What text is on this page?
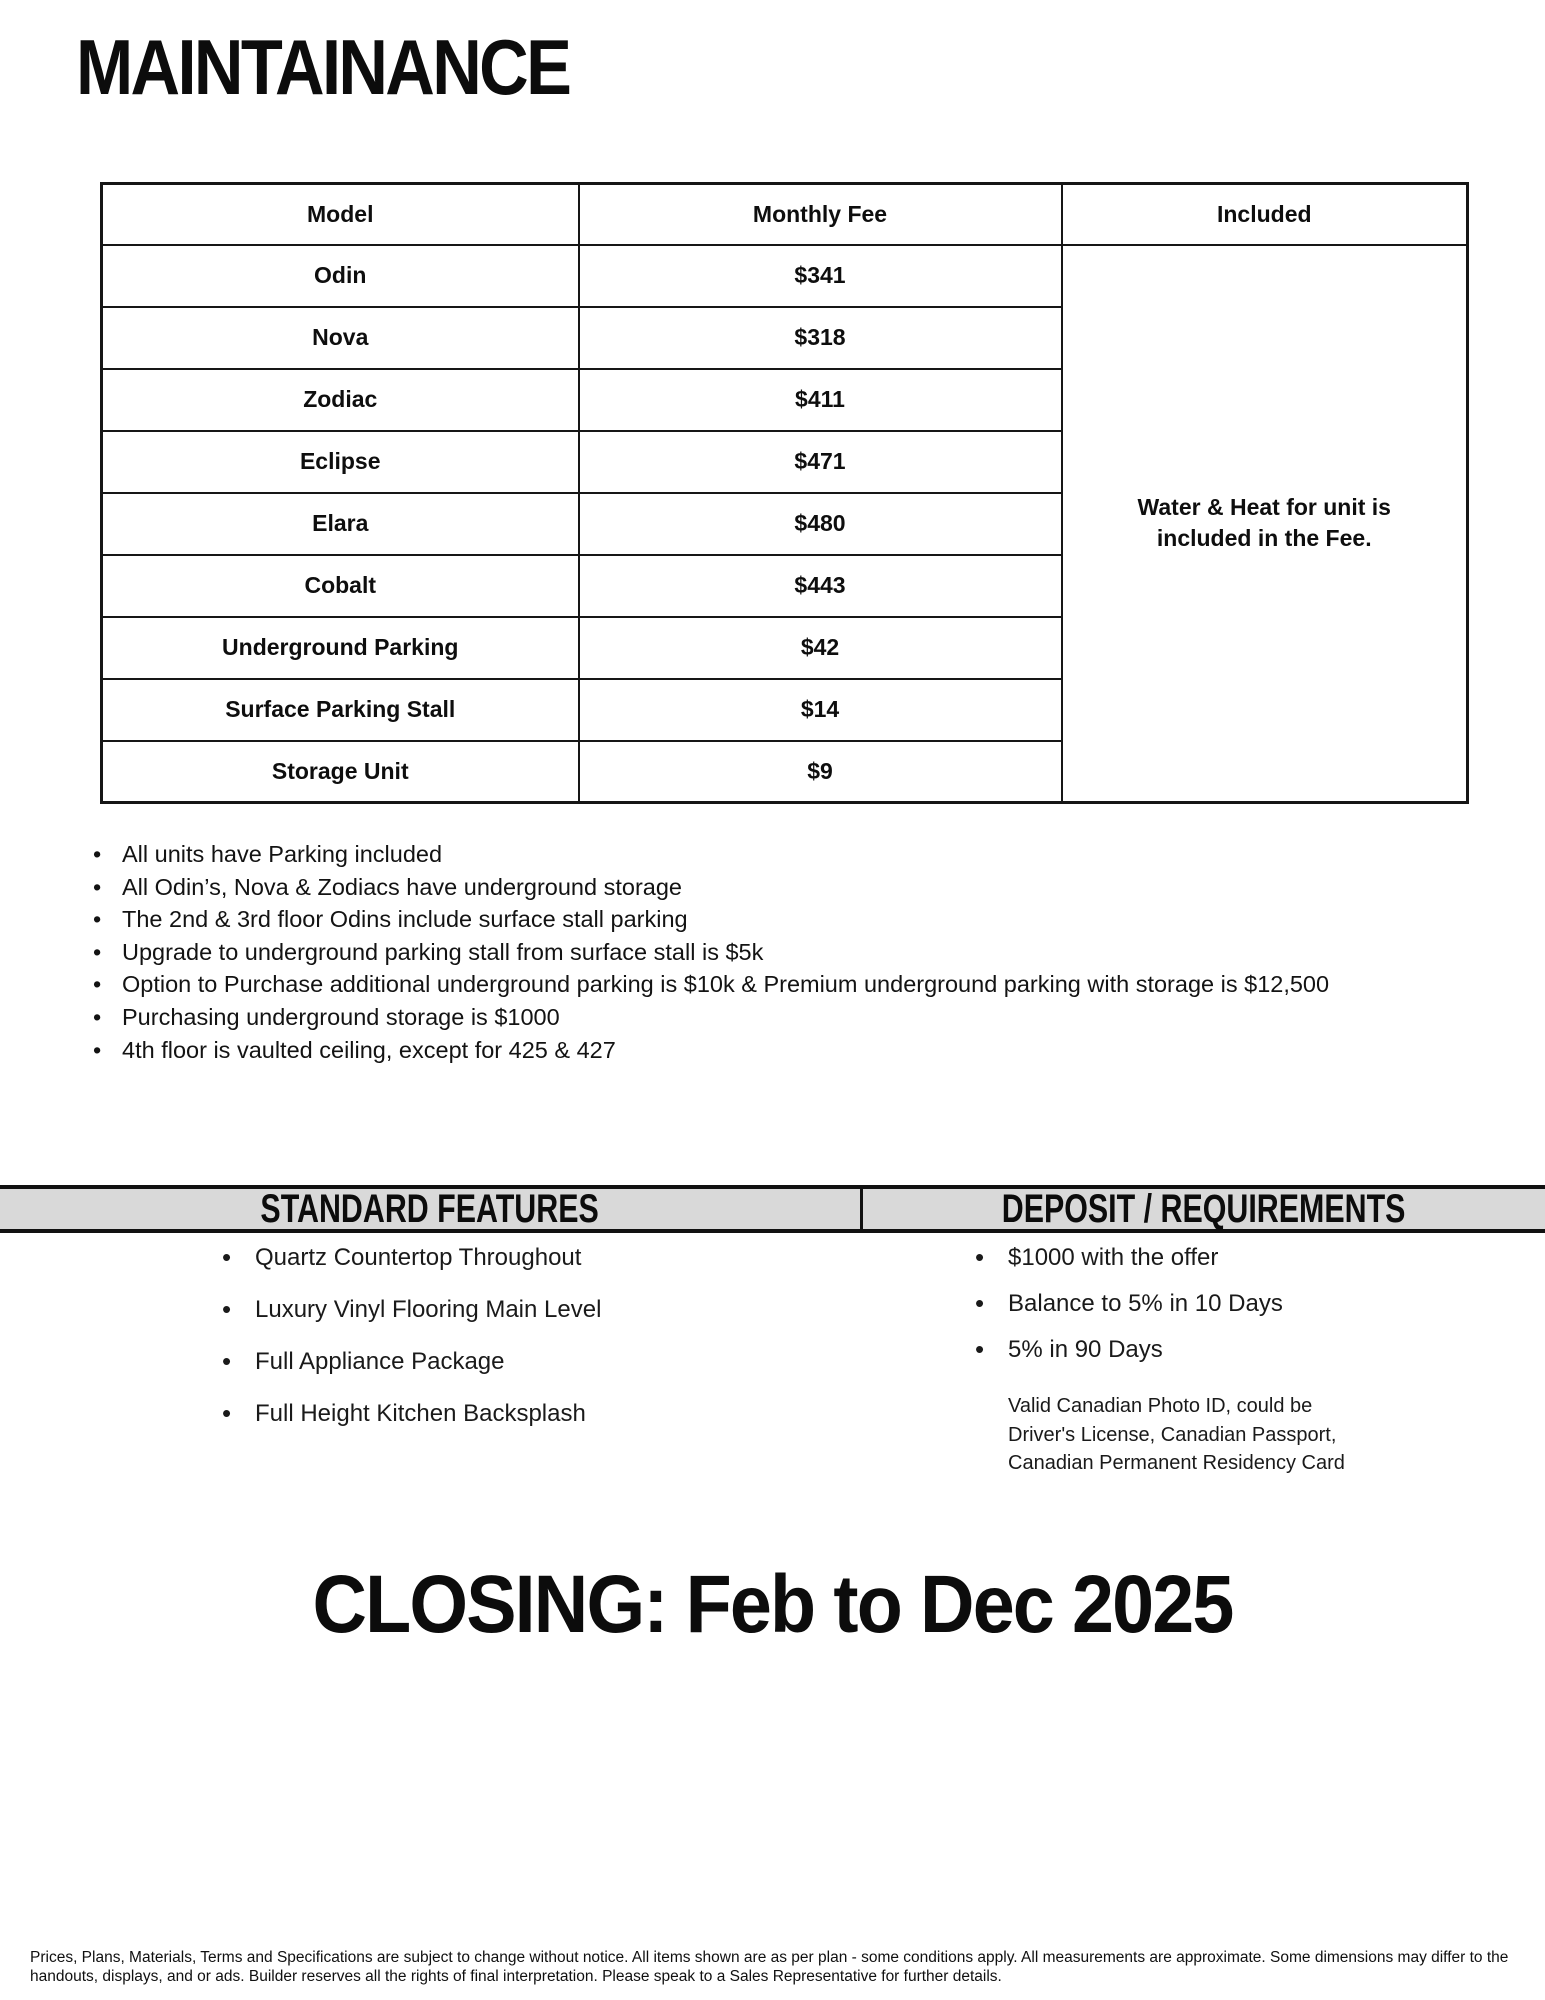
MAINTAINANCE
Model	Monthly Fee	Included
Odin	$341	Water & Heat for unit is included in the Fee.
Nova	$318	
Zodiac	$411	
Eclipse	$471	
Elara	$480	
Cobalt	$443	
Underground Parking	$42	
Surface Parking Stall	$14	
Storage Unit	$9	
• All units have Parking included
• All Odin’s, Nova & Zodiacs have underground storage
• The 2nd & 3rd floor Odins include surface stall parking
• Upgrade to underground parking stall from surface stall is $5k
• Option to Purchase additional underground parking is $10k & Premium underground parking with storage is $12,500
• Purchasing underground storage is $1000
• 4th floor is vaulted ceiling, except for 425 & 427
STANDARD FEATURES	DEPOSIT / REQUIREMENTS
• Quartz Countertop Throughout
• Luxury Vinyl Flooring Main Level
• Full Appliance Package
• Full Height Kitchen Backsplash
• $1000 with the offer
• Balance to 5% in 10 Days
• 5% in 90 Days

Valid Canadian Photo ID, could be Driver's License, Canadian Passport, Canadian Permanent Residency Card

CLOSING: Feb to Dec 2025

Prices, Plans, Materials, Terms and Specifications are subject to change without notice. All items shown are as per plan - some conditions apply. All measurements are approximate. Some dimensions may differ to the handouts, displays, and or ads. Builder reserves all the rights of final interpretation. Please speak to a Sales Representative for further details.
